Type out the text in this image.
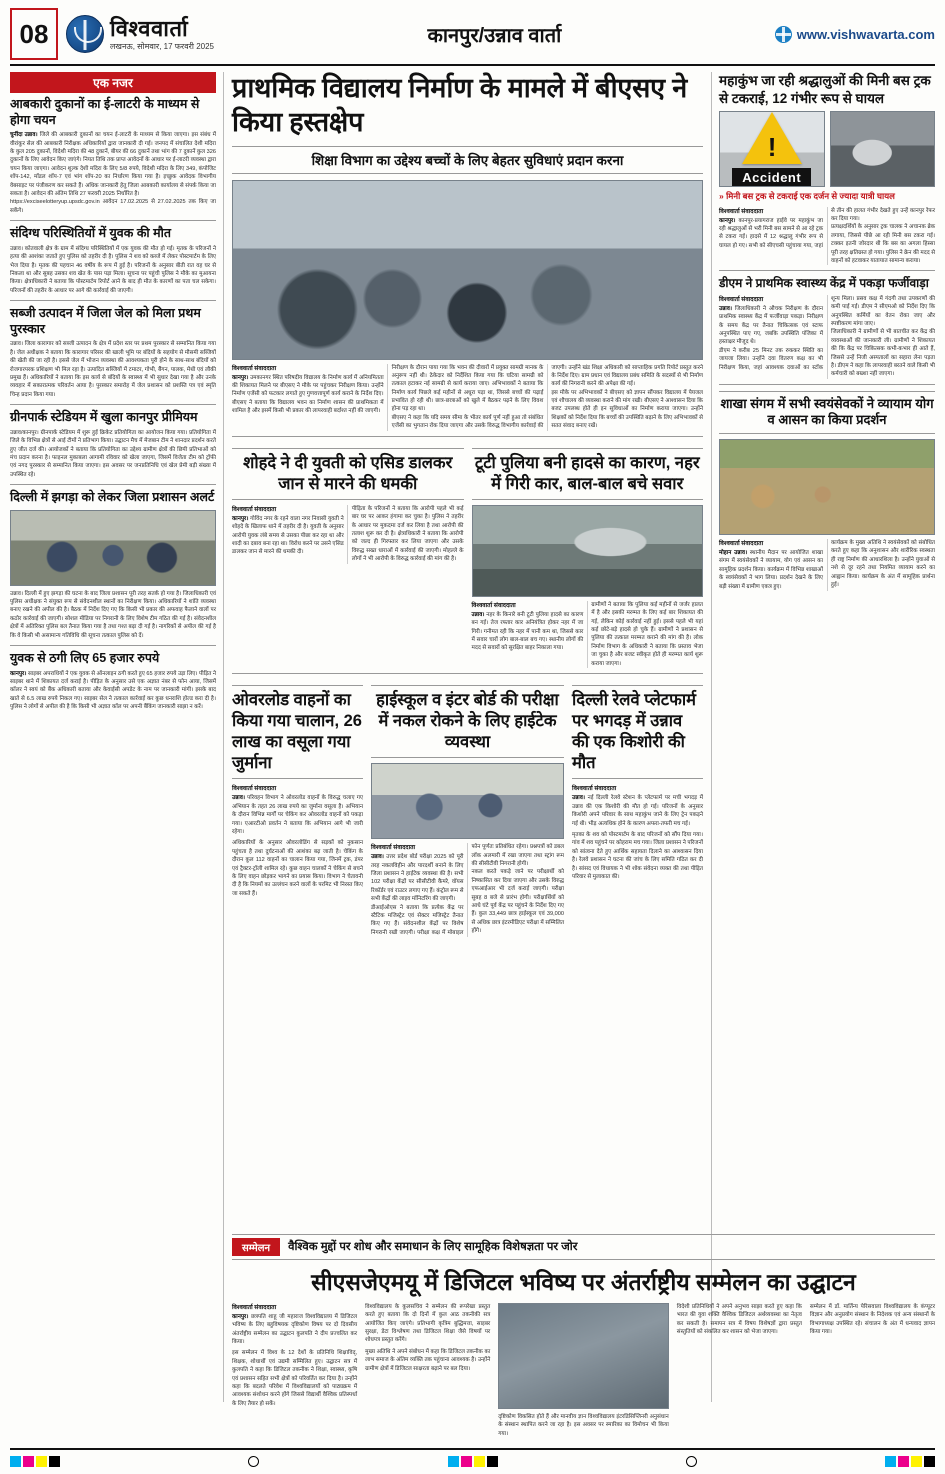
08	विश्ववार्ता
लखनऊ, सोमवार, 17 फरवरी 2025	कानपुर/उन्नाव वार्ता	www.vishwavarta.com
एक नजर
आबकारी दुकानों का ई-लाटरी के माध्यम से होगा चयन
चुनींदा उन्नाव। जिले की आबकारी दुकानों का चयन ई-लाटरी के माध्यम से किया जाएगा। इस संबंध में वीरांकुर सेल की आबकारी निरीक्षक अधिकारियों द्वारा जानकारी दी गई। जनपद में संचालित देशी मदिरा के कुल 205 दुकानों, विदेशी मदिरा की 48 दुकानें, बीयर की 66 दुकानें तथा भांग की 7 दुकानें कुल 326 दुकानों के लिए आवेदन किए जाएंगे। नियत तिथि तक प्राप्त आवेदनों के आधार पर ई-लाटरी व्यवस्था द्वारा चयन किया जाएगा। आवेदन शुल्क देशी मदिरा के लिए 5/8 रुपये, विदेशी मदिरा के लिए 349, कंपोजिट शॉप-142, मॉडल शॉप-7 एवं भांग शॉप-20 का निर्धारण किया गया है। इच्छुक आवेदक विभागीय वेबसाइट पर पंजीकरण कर सकते हैं। अधिक जानकारी हेतु जिला आबकारी कार्यालय से संपर्क किया जा सकता है। आवेदन की अंतिम तिथि 27 फरवरी 2025 निर्धारित है।
https://exciseelotteryup.upsdc.gov.in आवेदन 17.02.2025 से 27.02.2025 तक किए जा सकेंगे।
संदिग्ध परिस्थितियों में युवक की मौत
उन्नाव। कोतवाली क्षेत्र के ग्राम में संदिग्ध परिस्थितियों में एक युवक की मौत हो गई। मृतक के परिजनों ने हत्या की आशंका जताते हुए पुलिस को तहरीर दी है। पुलिस ने शव को कब्जे में लेकर पोस्टमार्टम के लिए भेज दिया है। मृतक की पहचान 46 वर्षीय के रूप में हुई है। परिजनों के अनुसार बीती रात वह घर से निकला था और सुबह उसका शव खेत के पास पड़ा मिला। सूचना पर पहुंची पुलिस ने मौके का मुआयना किया। क्षेत्राधिकारी ने बताया कि पोस्टमार्टम रिपोर्ट आने के बाद ही मौत के कारणों का पता चल सकेगा। परिजनों की तहरीर के आधार पर आगे की कार्रवाई की जाएगी।
सब्जी उत्पादन में जिला जेल को मिला प्रथम पुरस्कार
उन्नाव। जिला कारागार को सब्जी उत्पादन के क्षेत्र में प्रदेश स्तर पर प्रथम पुरस्कार से सम्मानित किया गया है। जेल अधीक्षक ने बताया कि कारागार परिसर की खाली भूमि पर बंदियों के सहयोग से मौसमी सब्जियों की खेती की जा रही है। इससे जेल में भोजन व्यवस्था की आवश्यकता पूरी होने के साथ-साथ बंदियों को रोजगारपरक प्रशिक्षण भी मिल रहा है। उत्पादित सब्जियों में टमाटर, गोभी, बैंगन, पालक, मेथी एवं लौकी प्रमुख हैं। अधिकारियों ने बताया कि इस कार्य से बंदियों के स्वास्थ्य में भी सुधार देखा गया है और उनके व्यवहार में सकारात्मक परिवर्तन आया है। पुरस्कार समारोह में जेल प्रशासन को प्रशस्ति पत्र एवं स्मृति चिन्ह प्रदान किया गया।
ग्रीनपार्क स्टेडियम में खुला कानपुर प्रीमियम
उन्नाव/कानपुर। ग्रीनपार्क स्टेडियम में शुरू हुई क्रिकेट प्रतियोगिता का आयोजन किया गया। प्रतियोगिता में जिले के विभिन्न क्षेत्रों से आई टीमों ने प्रतिभाग किया। उद्घाटन मैच में मेजबान टीम ने शानदार प्रदर्शन करते हुए जीत दर्ज की। आयोजकों ने बताया कि प्रतियोगिता का उद्देश्य ग्रामीण क्षेत्रों की छिपी प्रतिभाओं को मंच प्रदान करना है। फाइनल मुकाबला आगामी रविवार को खेला जाएगा, जिसमें विजेता टीम को ट्रॉफी एवं नगद पुरस्कार से सम्मानित किया जाएगा। इस अवसर पर जनप्रतिनिधि एवं खेल प्रेमी बड़ी संख्या में उपस्थित रहे।
दिल्ली में झगड़ा को लेकर जिला प्रशासन अलर्ट
उन्नाव। दिल्ली में हुए झगड़ा की घटना के बाद जिला प्रशासन पूरी तरह सतर्क हो गया है। जिलाधिकारी एवं पुलिस अधीक्षक ने संयुक्त रूप से संवेदनशील स्थानों का निरीक्षण किया। अधिकारियों ने शांति व्यवस्था बनाए रखने की अपील की है। बैठक में निर्देश दिए गए कि किसी भी प्रकार की अफवाह फैलाने वालों पर कठोर कार्रवाई की जाएगी। सोशल मीडिया पर निगरानी के लिए विशेष टीम गठित की गई है। संवेदनशील क्षेत्रों में अतिरिक्त पुलिस बल तैनात किया गया है तथा गश्त बढ़ा दी गई है। नागरिकों से अपील की गई है कि वे किसी भी असामान्य गतिविधि की सूचना तत्काल पुलिस को दें।
युवक से ठगी लिए 65 हजार रुपये
कानपुर। साइबर अपराधियों ने एक युवक से ऑनलाइन ठगी करते हुए 65 हजार रुपये उड़ा लिए। पीड़ित ने साइबर थाने में शिकायत दर्ज कराई है। पीड़ित के अनुसार उसे एक अज्ञात नंबर से फोन आया, जिसमें कॉलर ने स्वयं को बैंक अधिकारी बताया और केवाईसी अपडेट के नाम पर जानकारी मांगी। इसके बाद खाते से 6.5 लाख रुपये निकल गए। साइबर सेल ने तत्काल कार्रवाई कर कुछ धनराशि होल्ड करा दी है। पुलिस ने लोगों से अपील की है कि किसी भी अज्ञात कॉल पर अपनी बैंकिंग जानकारी साझा न करें।
प्राथमिक विद्यालय निर्माण के मामले में बीएसए ने किया हस्तक्षेप
शिक्षा विभाग का उद्देश्य बच्चों के लिए बेहतर सुविधाएं प्रदान करना
विश्ववार्ता संवाददाता
कानपुर। उमकानगर स्थित परिषदीय विद्यालय के निर्माण कार्य में अनियमितता की शिकायत मिलने पर बीएसए ने मौके पर पहुंचकर निरीक्षण किया। उन्होंने निर्माण एजेंसी को फटकार लगाते हुए गुणवत्तापूर्ण कार्य कराने के निर्देश दिए। बीएसए ने बताया कि विद्यालय भवन का निर्माण शासन की प्राथमिकता में शामिल है और इसमें किसी भी प्रकार की लापरवाही बर्दाश्त नहीं की जाएगी।
निरीक्षण के दौरान पाया गया कि भवन की दीवारों में प्रयुक्त सामग्री मानक के अनुरूप नहीं थी। ठेकेदार को निर्देशित किया गया कि घटिया सामग्री को तत्काल हटाकर नई सामग्री से कार्य कराया जाए। अभिभावकों ने बताया कि निर्माण कार्य पिछले कई महीनों से अधूरा पड़ा था, जिससे बच्चों की पढ़ाई प्रभावित हो रही थी। छात्र-छात्राओं को खुले में बैठकर पढ़ने के लिए विवश होना पड़ रहा था।
बीएसए ने कहा कि यदि समय सीमा के भीतर कार्य पूर्ण नहीं हुआ तो संबंधित एजेंसी का भुगतान रोक दिया जाएगा और उसके विरुद्ध विभागीय कार्रवाई की जाएगी। उन्होंने खंड शिक्षा अधिकारी को साप्ताहिक प्रगति रिपोर्ट प्रस्तुत करने के निर्देश दिए। ग्राम प्रधान एवं विद्यालय प्रबंध समिति के सदस्यों से भी निर्माण कार्य की निगरानी करने की अपेक्षा की गई।
इस मौके पर अभिभावकों ने बीएसए को ज्ञापन सौंपकर विद्यालय में पेयजल एवं शौचालय की व्यवस्था कराने की मांग रखी। बीएसए ने आश्वासन दिया कि बजट उपलब्ध होते ही इन सुविधाओं का निर्माण कराया जाएगा। उन्होंने शिक्षकों को निर्देश दिया कि बच्चों की उपस्थिति बढ़ाने के लिए अभिभावकों से सतत संवाद बनाए रखें।
शोहदे ने दी युवती को एसिड डालकर जान से मारने की धमकी
विश्ववार्ता संवाददाता
कानपुर। गोविंद नगर के रहने वाला नगर निवासी युवती ने शोहदे के खिलाफ थाने में तहरीर दी है। युवती के अनुसार आरोपी युवक लंबे समय से उसका पीछा कर रहा था और शादी का दबाव बना रहा था। विरोध करने पर उसने एसिड डालकर जान से मारने की धमकी दी।
पीड़िता के परिजनों ने बताया कि आरोपी पहले भी कई बार घर पर आकर हंगामा कर चुका है। पुलिस ने तहरीर के आधार पर मुकदमा दर्ज कर लिया है तथा आरोपी की तलाश शुरू कर दी है। क्षेत्राधिकारी ने बताया कि आरोपी को जल्द ही गिरफ्तार कर लिया जाएगा और उसके विरुद्ध सख्त धाराओं में कार्रवाई की जाएगी। मोहल्ले के लोगों ने भी आरोपी के विरुद्ध कार्रवाई की मांग की है।
टूटी पुलिया बनी हादसे का कारण, नहर में गिरी कार, बाल-बाल बचे सवार
विश्ववार्ता संवाददाता
उन्नाव। नहर के किनारे बनी टूटी पुलिया हादसे का कारण बन गई। तेज रफ्तार कार अनियंत्रित होकर नहर में जा गिरी। गनीमत रही कि नहर में पानी कम था, जिससे कार में सवार चारों लोग बाल-बाल बच गए। स्थानीय लोगों की मदद से सवारों को सुरक्षित बाहर निकाला गया।
ग्रामीणों ने बताया कि पुलिया कई महीनों से जर्जर हालत में है और इसकी मरम्मत के लिए कई बार शिकायत की गई, लेकिन कोई कार्रवाई नहीं हुई। इससे पहले भी यहां कई छोटे-बड़े हादसे हो चुके हैं। ग्रामीणों ने प्रशासन से पुलिया की तत्काल मरम्मत कराने की मांग की है। लोक निर्माण विभाग के अधिकारी ने बताया कि प्रस्ताव भेजा जा चुका है और बजट स्वीकृत होते ही मरम्मत कार्य शुरू कराया जाएगा।
ओवरलोड वाहनों का किया गया चालान, 26 लाख का वसूला गया जुर्माना
विश्ववार्ता संवाददाता
उन्नाव। परिवहन विभाग ने ओवरलोड वाहनों के विरुद्ध चलाए गए अभियान के तहत 26 लाख रुपये का जुर्माना वसूला है। अभियान के दौरान विभिन्न मार्गों पर चेकिंग कर ओवरलोड वाहनों को पकड़ा गया। एआरटीओ प्रवर्तन ने बताया कि अभियान आगे भी जारी रहेगा।
अधिकारियों के अनुसार ओवरलोडिंग से सड़कों को नुकसान पहुंचता है तथा दुर्घटनाओं की आशंका बढ़ जाती है। चेकिंग के दौरान कुल 112 वाहनों का चालान किया गया, जिनमें ट्रक, डंपर एवं ट्रैक्टर-ट्रॉली शामिल रहे। कुछ वाहन चालकों ने चेकिंग से बचने के लिए वाहन छोड़कर भागने का प्रयास किया। विभाग ने चेतावनी दी है कि नियमों का उल्लंघन करने वालों के परमिट भी निरस्त किए जा सकते हैं।
हाईस्कूल व इंटर बोर्ड की परीक्षा में नकल रोकने के लिए हाईटेक व्यवस्था
विश्ववार्ता संवाददाता
उन्नाव। उत्तर प्रदेश बोर्ड परीक्षा 2025 को पूरी तरह नकलविहीन और पारदर्शी बनाने के लिए जिला प्रशासन ने हाईटेक व्यवस्था की है। सभी 102 परीक्षा केंद्रों पर सीसीटीवी कैमरे, वॉयस रिकॉर्डर एवं राउटर लगाए गए हैं। कंट्रोल रूम से सभी केंद्रों की लाइव मॉनिटरिंग की जाएगी।
डीआईओएस ने बताया कि प्रत्येक केंद्र पर स्टैटिक मजिस्ट्रेट एवं सेक्टर मजिस्ट्रेट तैनात किए गए हैं। संवेदनशील केंद्रों पर विशेष निगरानी रखी जाएगी। परीक्षा कक्ष में मोबाइल फोन पूर्णतः प्रतिबंधित रहेगा। प्रश्नपत्रों को डबल लॉक अलमारी में रखा जाएगा तथा स्ट्रांग रूम की सीसीटीवी निगरानी होगी।
नकल करते पकड़े जाने पर परीक्षार्थी को निष्कासित कर दिया जाएगा और उसके विरुद्ध एफआईआर भी दर्ज कराई जाएगी। परीक्षा सुबह 8 बजे से प्रारंभ होगी। परीक्षार्थियों को आधे घंटे पूर्व केंद्र पर पहुंचने के निर्देश दिए गए हैं। कुल 33,449 छात्र हाईस्कूल एवं 39,000 से अधिक छात्र इंटरमीडिएट परीक्षा में सम्मिलित होंगे।
दिल्ली रेलवे प्लेटफार्म पर भगदड़ में उन्नाव की एक किशोरी की मौत
विश्ववार्ता संवाददाता
उन्नाव। नई दिल्ली रेलवे स्टेशन के प्लेटफार्म पर मची भगदड़ में उन्नाव की एक किशोरी की मौत हो गई। परिजनों के अनुसार किशोरी अपने परिवार के साथ महाकुंभ जाने के लिए ट्रेन पकड़ने गई थी। भीड़ अत्यधिक होने के कारण अफरा-तफरी मच गई।
मृतका के शव को पोस्टमार्टम के बाद परिजनों को सौंप दिया गया। गांव में शव पहुंचने पर कोहराम मच गया। जिला प्रशासन ने परिजनों को सांत्वना देते हुए आर्थिक सहायता दिलाने का आश्वासन दिया है। रेलवे प्रशासन ने घटना की जांच के लिए समिति गठित कर दी है। सांसद एवं विधायक ने भी शोक संवेदना व्यक्त की तथा पीड़ित परिवार से मुलाकात की।
महाकुंभ जा रही श्रद्धालुओं की मिनी बस ट्रक से टकराई, 12 गंभीर रूप से घायल
!
Accident
» मिनी बस ट्रक से टकराई एक दर्जन से ज्यादा यात्री घायल
विश्ववार्ता संवाददाता
कानपुर। कानपुर-प्रयागराज हाईवे पर महाकुंभ जा रही श्रद्धालुओं से भरी मिनी बस सामने से आ रहे ट्रक से टकरा गई। हादसे में 12 श्रद्धालु गंभीर रूप से घायल हो गए। सभी को सीएचसी पहुंचाया गया, जहां से तीन की हालत गंभीर देखते हुए उन्हें कानपुर रेफर कर दिया गया।
प्रत्यक्षदर्शियों के अनुसार ट्रक चालक ने अचानक ब्रेक लगाया, जिससे पीछे आ रही मिनी बस टकरा गई। टक्कर इतनी जोरदार थी कि बस का अगला हिस्सा पूरी तरह क्षतिग्रस्त हो गया। पुलिस ने क्रेन की मदद से वाहनों को हटवाकर यातायात सामान्य कराया।
डीएम ने प्राथमिक स्वास्थ्य केंद्र में पकड़ा फर्जीवाड़ा
विश्ववार्ता संवाददाता
उन्नाव। जिलाधिकारी ने औचक निरीक्षण के दौरान प्राथमिक स्वास्थ्य केंद्र में फर्जीवाड़ा पकड़ा। निरीक्षण के समय केंद्र पर तैनात चिकित्सक एवं स्टाफ अनुपस्थित पाए गए, जबकि उपस्थिति पंजिका में हस्ताक्षर मौजूद थे।
डीएम ने करीब 25 मिनट तक रुककर स्थिति का जायजा लिया। उन्होंने दवा वितरण कक्ष का भी निरीक्षण किया, जहां आवश्यक दवाओं का स्टॉक शून्य मिला। प्रसव कक्ष में गंदगी तथा उपकरणों की कमी पाई गई। डीएम ने सीएमओ को निर्देश दिए कि अनुपस्थित कर्मियों का वेतन रोका जाए और स्पष्टीकरण मांगा जाए।
जिलाधिकारी ने ग्रामीणों से भी बातचीत कर केंद्र की व्यवस्थाओं की जानकारी ली। ग्रामीणों ने शिकायत की कि केंद्र पर चिकित्सक कभी-कभार ही आते हैं, जिससे उन्हें निजी अस्पतालों का सहारा लेना पड़ता है। डीएम ने कहा कि लापरवाही बरतने वाले किसी भी कर्मचारी को बख्शा नहीं जाएगा।
शाखा संगम में सभी स्वयंसेवकों ने व्यायाम योग व आसन का किया प्रदर्शन
विश्ववार्ता संवाददाता
मोहान उन्नाव। स्थानीय मैदान पर आयोजित शाखा संगम में स्वयंसेवकों ने व्यायाम, योग एवं आसन का सामूहिक प्रदर्शन किया। कार्यक्रम में विभिन्न शाखाओं के स्वयंसेवकों ने भाग लिया। प्रदर्शन देखने के लिए बड़ी संख्या में ग्रामीण एकत्र हुए।
कार्यक्रम के मुख्य अतिथि ने स्वयंसेवकों को संबोधित करते हुए कहा कि अनुशासन और शारीरिक स्वस्थता ही राष्ट्र निर्माण की आधारशिला है। उन्होंने युवाओं से नशे से दूर रहने तथा नियमित व्यायाम करने का आह्वान किया। कार्यक्रम के अंत में सामूहिक प्रार्थना हुई।
सम्मेलन	वैश्विक मुद्दों पर शोध और समाधान के लिए सामूहिक विशेषज्ञता पर जोर
सीएसजेएमयू में डिजिटल भविष्य पर अंतर्राष्ट्रीय सम्मेलन का उद्घाटन
विश्ववार्ता संवाददाता
कानपुर। छत्रपति शाहू जी महाराज विश्वविद्यालय में डिजिटल भविष्य के लिए बहुविषयक दृष्टिकोण विषय पर दो दिवसीय अंतर्राष्ट्रीय सम्मेलन का उद्घाटन कुलपति ने दीप प्रज्वलित कर किया।
इस सम्मेलन में विश्व के 12 देशों के प्रतिनिधि शिक्षाविद्, शिक्षक, शोधार्थी एवं उद्यमी सम्मिलित हुए। उद्घाटन सत्र में कुलपति ने कहा कि डिजिटल तकनीक ने शिक्षा, स्वास्थ्य, कृषि एवं प्रशासन सहित सभी क्षेत्रों को परिवर्तित कर दिया है। उन्होंने कहा कि बदलते परिवेश में विश्वविद्यालयों को पाठ्यक्रम में आवश्यक संशोधन करने होंगे जिससे विद्यार्थी वैश्विक प्रतिस्पर्धा के लिए तैयार हो सकें।
विश्वविद्यालय के कुलसचिव ने सम्मेलन की रूपरेखा प्रस्तुत करते हुए बताया कि दो दिनों में कुल आठ तकनीकी सत्र आयोजित किए जाएंगे। प्रतिभागी कृत्रिम बुद्धिमत्ता, साइबर सुरक्षा, डेटा विश्लेषण तथा डिजिटल शिक्षा जैसे विषयों पर शोधपत्र प्रस्तुत करेंगे।
मुख्य अतिथि ने अपने संबोधन में कहा कि डिजिटल तकनीक का लाभ समाज के अंतिम व्यक्ति तक पहुंचाना आवश्यक है। उन्होंने ग्रामीण क्षेत्रों में डिजिटल साक्षरता बढ़ाने पर बल दिया।
दृष्टिकोण विकसित होते हैं और मानवीय ज्ञान विश्वविद्यालय इंटरडिसिप्लिनरी अनुसंधान के संस्थान स्थापित करने जा रहा है। इस अवसर पर स्मारिका का विमोचन भी किया गया।
विदेशी प्रतिनिधियों ने अपने अनुभव साझा करते हुए कहा कि भारत की युवा शक्ति वैश्विक डिजिटल अर्थव्यवस्था का नेतृत्व कर सकती है। समापन सत्र में विषय विशेषज्ञों द्वारा प्रस्तुत संस्तुतियों को संकलित कर शासन को भेजा जाएगा।
सम्मेलन में डॉ. मार्तिन्य पेरिसवाला विश्वविद्यालय के कंप्यूटर विज्ञान और अनुप्रयोग संस्थान के निदेशक एवं अन्य संस्थानों के विभागाध्यक्ष उपस्थित रहे। संचालन के अंत में धन्यवाद ज्ञापन किया गया।
